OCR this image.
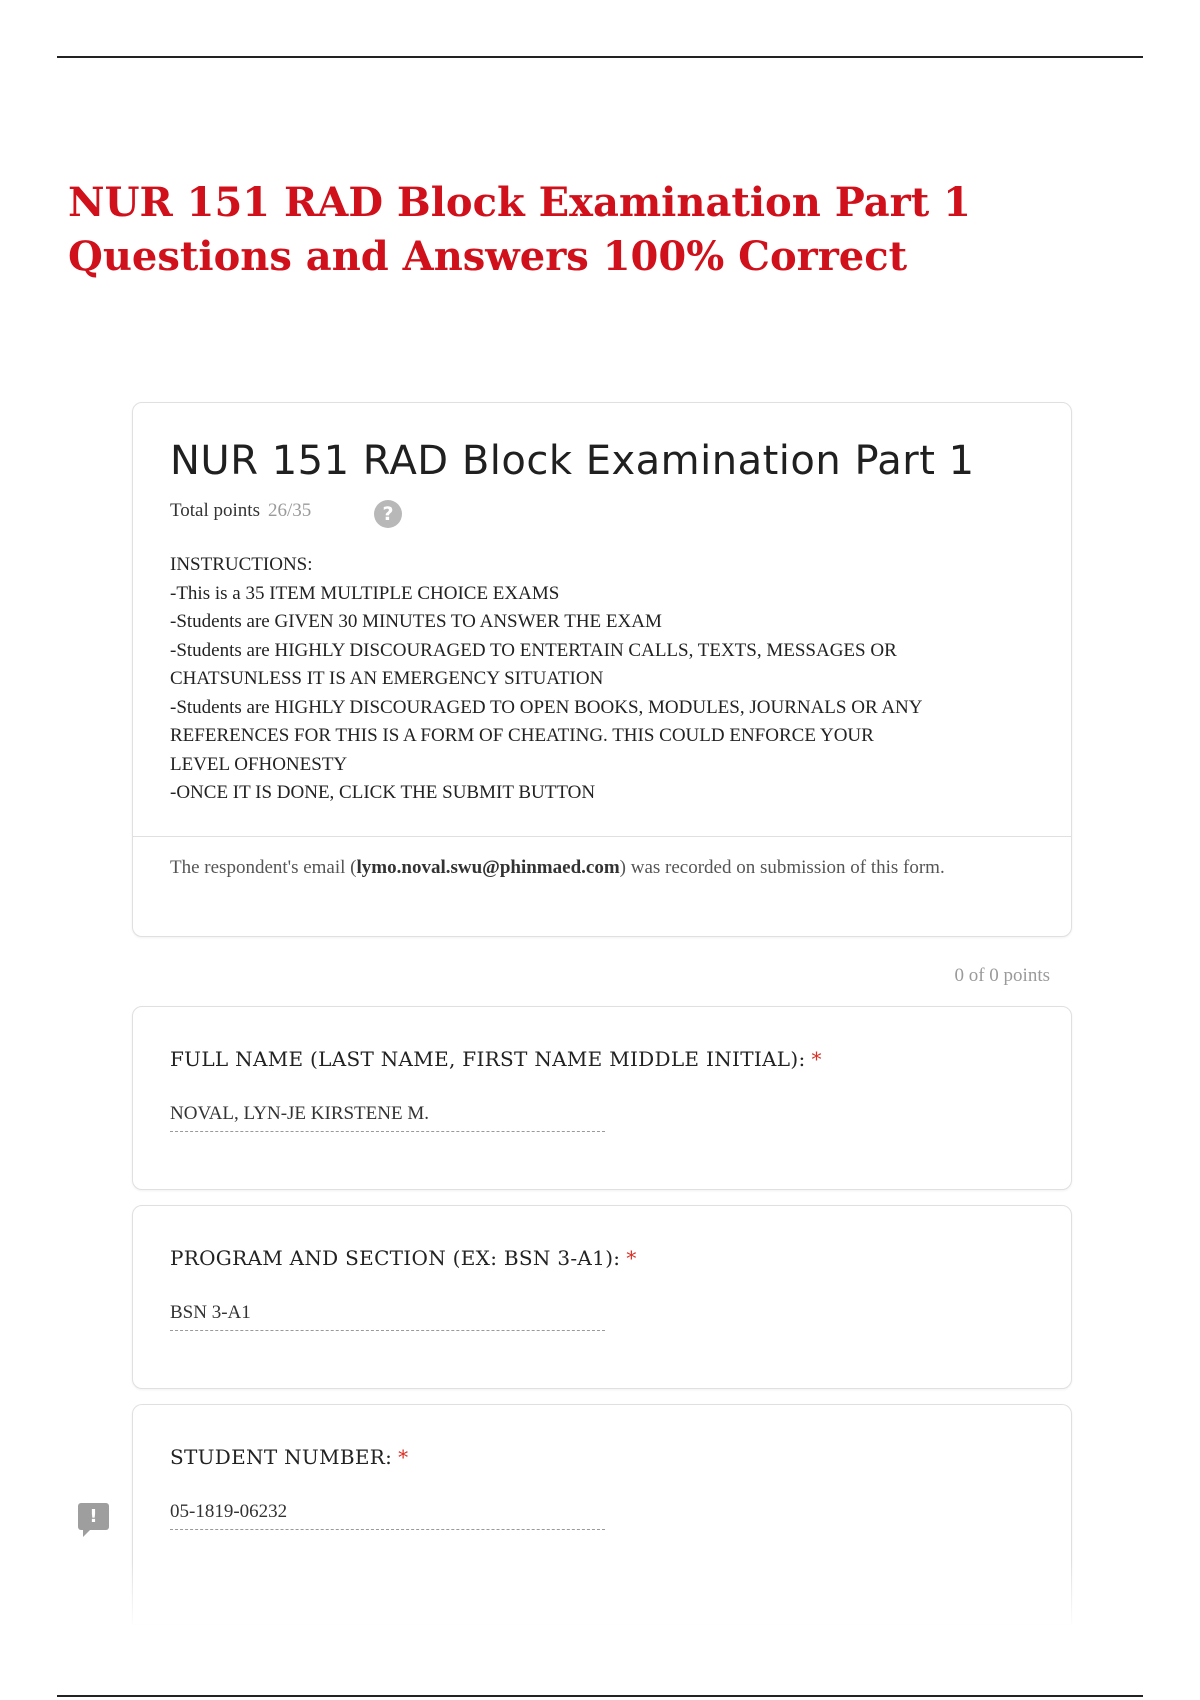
NUR 151 RAD Block Examination Part 1 Questions and Answers 100% Correct
NUR 151 RAD Block Examination Part 1
Total points 26/35	?
INSTRUCTIONS:
-This is a 35 ITEM MULTIPLE CHOICE EXAMS
-Students are GIVEN 30 MINUTES TO ANSWER THE EXAM
-Students are HIGHLY DISCOURAGED TO ENTERTAIN CALLS, TEXTS, MESSAGES OR
CHATSUNLESS IT IS AN EMERGENCY SITUATION
-Students are HIGHLY DISCOURAGED TO OPEN BOOKS, MODULES, JOURNALS OR ANY
REFERENCES FOR THIS IS A FORM OF CHEATING. THIS COULD ENFORCE YOUR
LEVEL OFHONESTY
-ONCE IT IS DONE, CLICK THE SUBMIT BUTTON
The respondent's email (lymo.noval.swu@phinmaed.com) was recorded on submission of this form.
0 of 0 points
FULL NAME (LAST NAME, FIRST NAME MIDDLE INITIAL): *
NOVAL, LYN-JE KIRSTENE M.
PROGRAM AND SECTION (EX: BSN 3-A1): *
BSN 3-A1
STUDENT NUMBER: *
05-1819-06232
!
